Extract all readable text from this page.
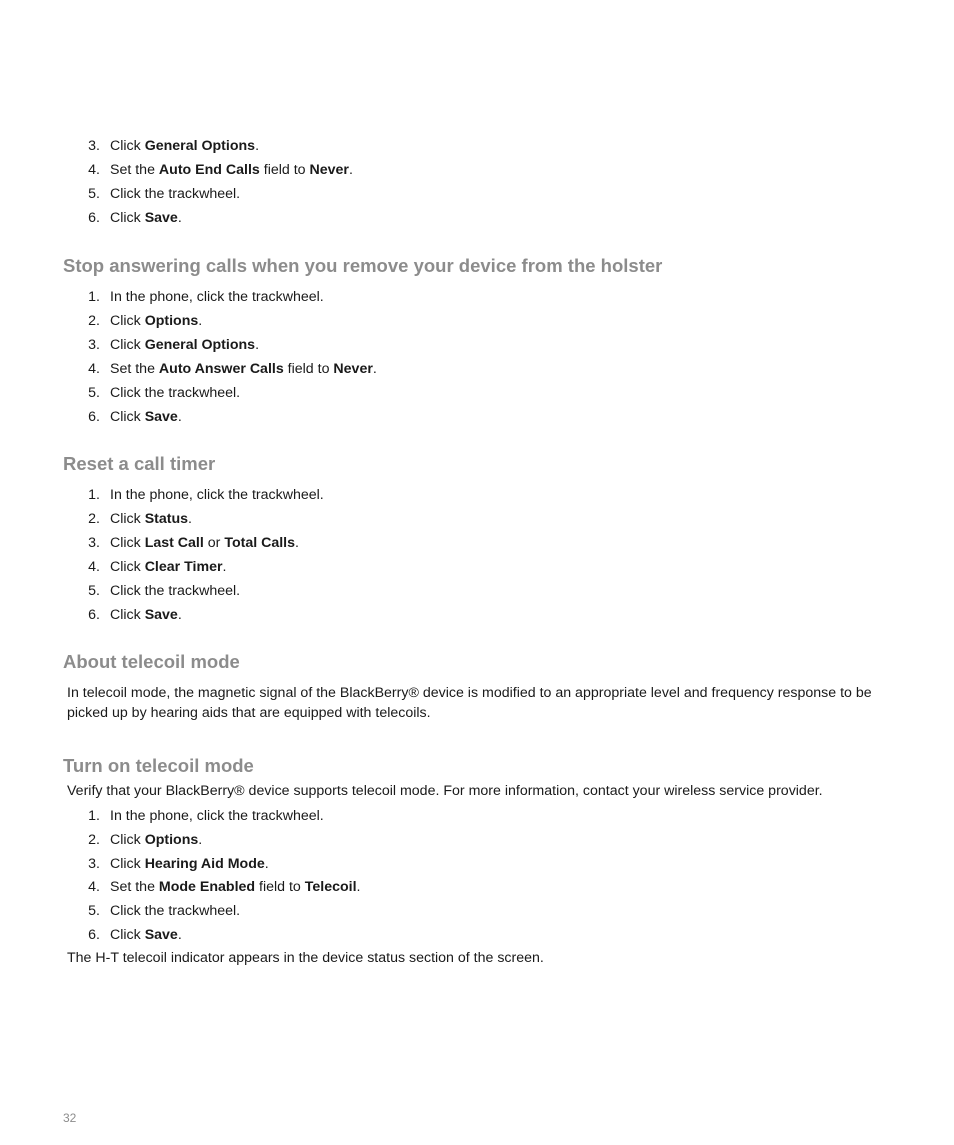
3. Click General Options.
4. Set the Auto End Calls field to Never.
5. Click the trackwheel.
6. Click Save.
Stop answering calls when you remove your device from the holster
1. In the phone, click the trackwheel.
2. Click Options.
3. Click General Options.
4. Set the Auto Answer Calls field to Never.
5. Click the trackwheel.
6. Click Save.
Reset a call timer
1. In the phone, click the trackwheel.
2. Click Status.
3. Click Last Call or Total Calls.
4. Click Clear Timer.
5. Click the trackwheel.
6. Click Save.
About telecoil mode

In telecoil mode, the magnetic signal of the BlackBerry® device is modified to an appropriate level and frequency response to be picked up by hearing aids that are equipped with telecoils.

Turn on telecoil mode

Verify that your BlackBerry® device supports telecoil mode. For more information, contact your wireless service provider.

1. In the phone, click the trackwheel.
2. Click Options.
3. Click Hearing Aid Mode.
4. Set the Mode Enabled field to Telecoil.
5. Click the trackwheel.
6. Click Save.

The H-T telecoil indicator appears in the device status section of the screen.

32
